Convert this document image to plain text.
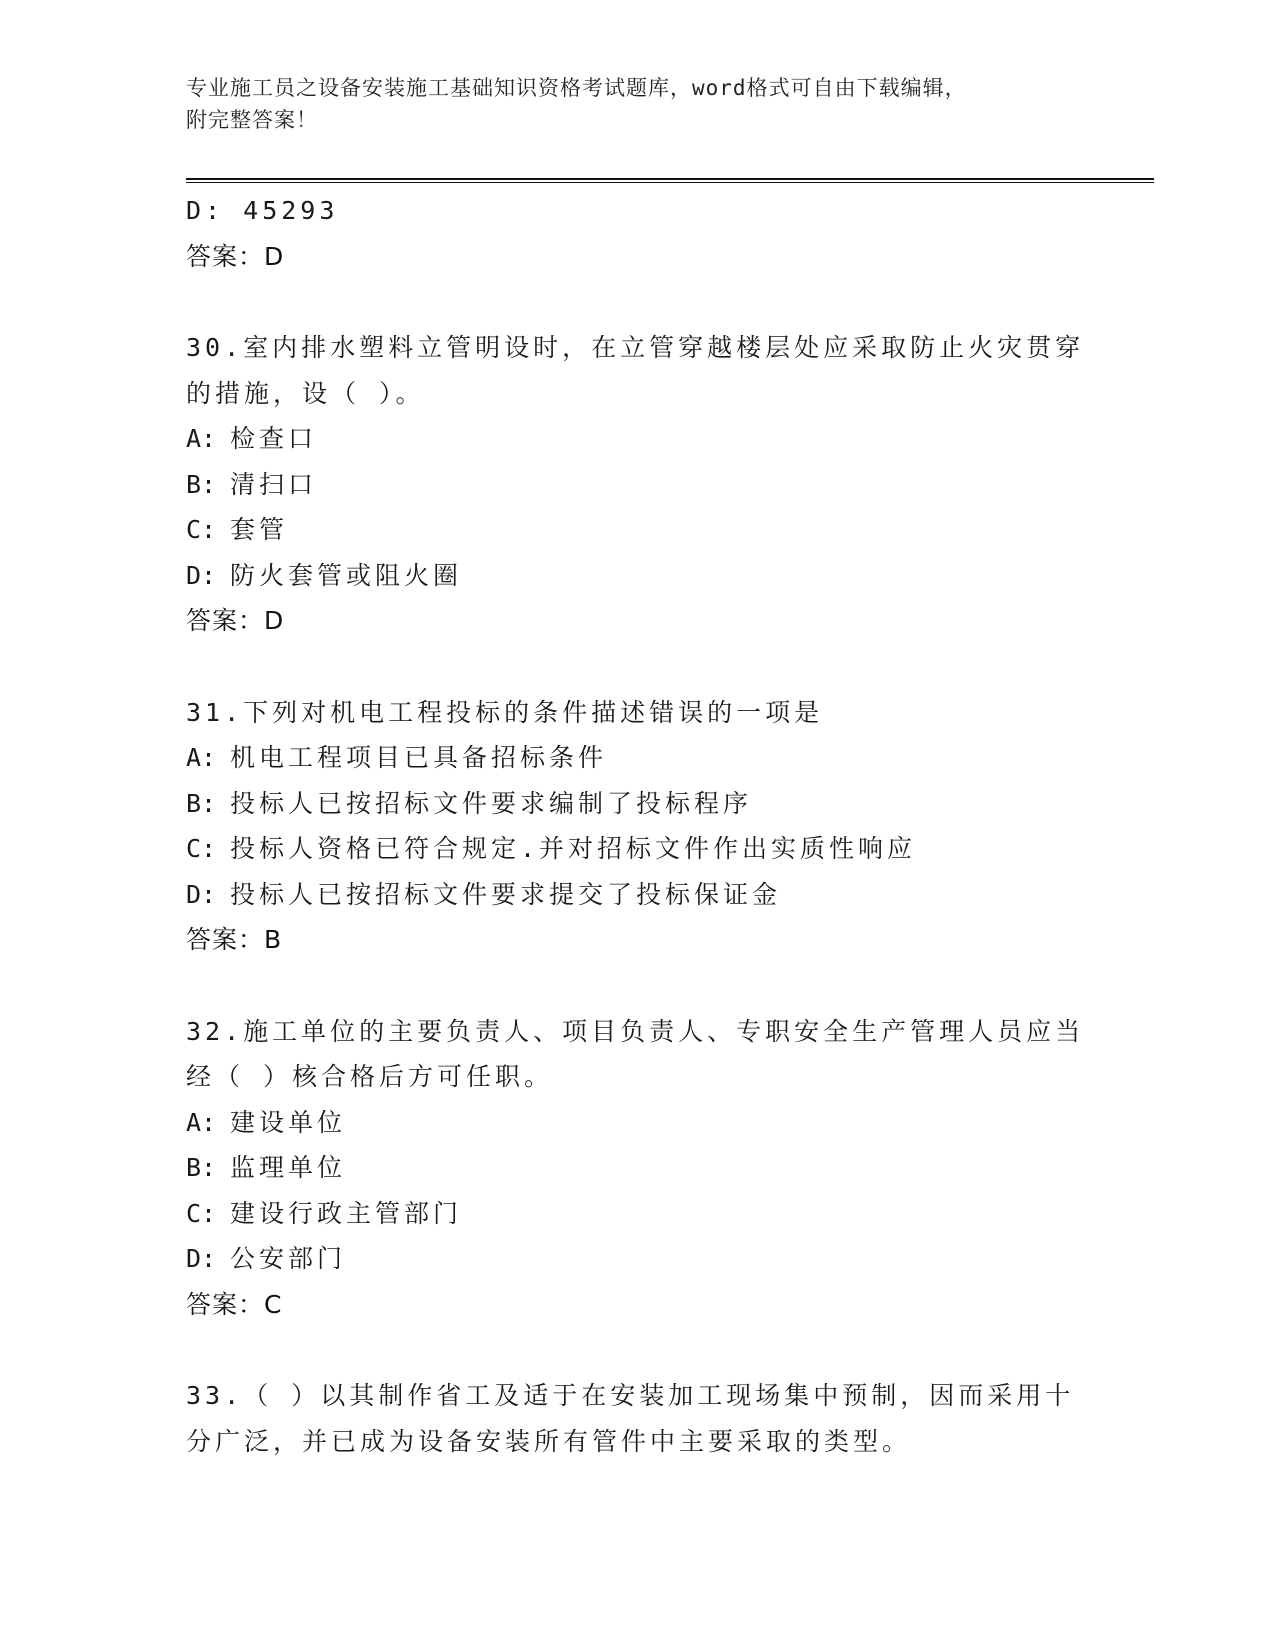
专业施工员之设备安装施工基础知识资格考试题库，word格式可自由下载编辑，
附完整答案！
D: 45293
答案：D
30.室内排水塑料立管明设时，在立管穿越楼层处应采取防止火灾贯穿
的措施，设（ ）。
A: 检查口
B: 清扫口
C: 套管
D: 防火套管或阻火圈
答案：D
31.下列对机电工程投标的条件描述错误的一项是
A: 机电工程项目已具备招标条件
B: 投标人已按招标文件要求编制了投标程序
C: 投标人资格已符合规定.并对招标文件作出实质性响应
D: 投标人已按招标文件要求提交了投标保证金
答案：B
32.施工单位的主要负责人、项目负责人、专职安全生产管理人员应当
经（ ）核合格后方可任职。
A: 建设单位
B: 监理单位
C: 建设行政主管部门
D: 公安部门
答案：C
33.（ ）以其制作省工及适于在安装加工现场集中预制，因而采用十
分广泛，并已成为设备安装所有管件中主要采取的类型。
